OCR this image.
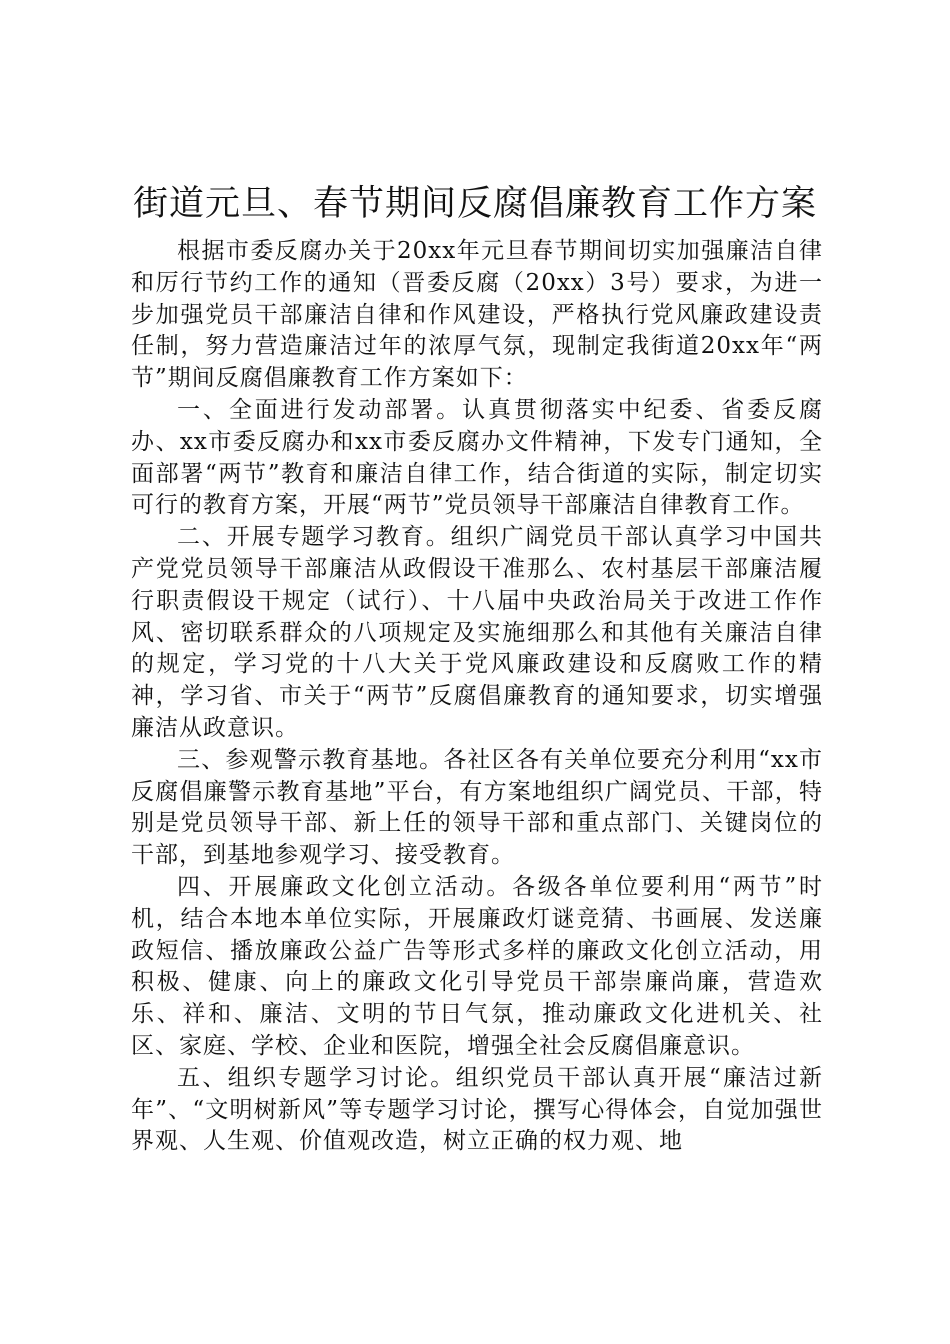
街道元旦、春节期间反腐倡廉教育工作方案

根据市委反腐办关于20xx年元旦春节期间切实加强廉洁自律和厉行节约工作的通知（晋委反腐（20xx）3号）要求，为进一步加强党员干部廉洁自律和作风建设，严格执行党风廉政建设责任制，努力营造廉洁过年的浓厚气氛，现制定我街道20xx年“两节”期间反腐倡廉教育工作方案如下：

一、全面进行发动部署。认真贯彻落实中纪委、省委反腐办、xx市委反腐办和xx市委反腐办文件精神，下发专门通知，全面部署“两节”教育和廉洁自律工作，结合街道的实际，制定切实可行的教育方案，开展“两节”党员领导干部廉洁自律教育工作。

二、开展专题学习教育。组织广阔党员干部认真学习中国共产党党员领导干部廉洁从政假设干准那么、农村基层干部廉洁履行职责假设干规定（试行）、十八届中央政治局关于改进工作作风、密切联系群众的八项规定及实施细那么和其他有关廉洁自律的规定，学习党的十八大关于党风廉政建设和反腐败工作的精神，学习省、市关于“两节”反腐倡廉教育的通知要求，切实增强廉洁从政意识。

三、参观警示教育基地。各社区各有关单位要充分利用“xx市反腐倡廉警示教育基地”平台，有方案地组织广阔党员、干部，特别是党员领导干部、新上任的领导干部和重点部门、关键岗位的干部，到基地参观学习、接受教育。

四、开展廉政文化创立活动。各级各单位要利用“两节”时机，结合本地本单位实际，开展廉政灯谜竞猜、书画展、发送廉政短信、播放廉政公益广告等形式多样的廉政文化创立活动，用积极、健康、向上的廉政文化引导党员干部崇廉尚廉，营造欢乐、祥和、廉洁、文明的节日气氛，推动廉政文化进机关、社区、家庭、学校、企业和医院，增强全社会反腐倡廉意识。

五、组织专题学习讨论。组织党员干部认真开展“廉洁过新年”、“文明树新风”等专题学习讨论，撰写心得体会，自觉加强世界观、人生观、价值观改造，树立正确的权力观、地
